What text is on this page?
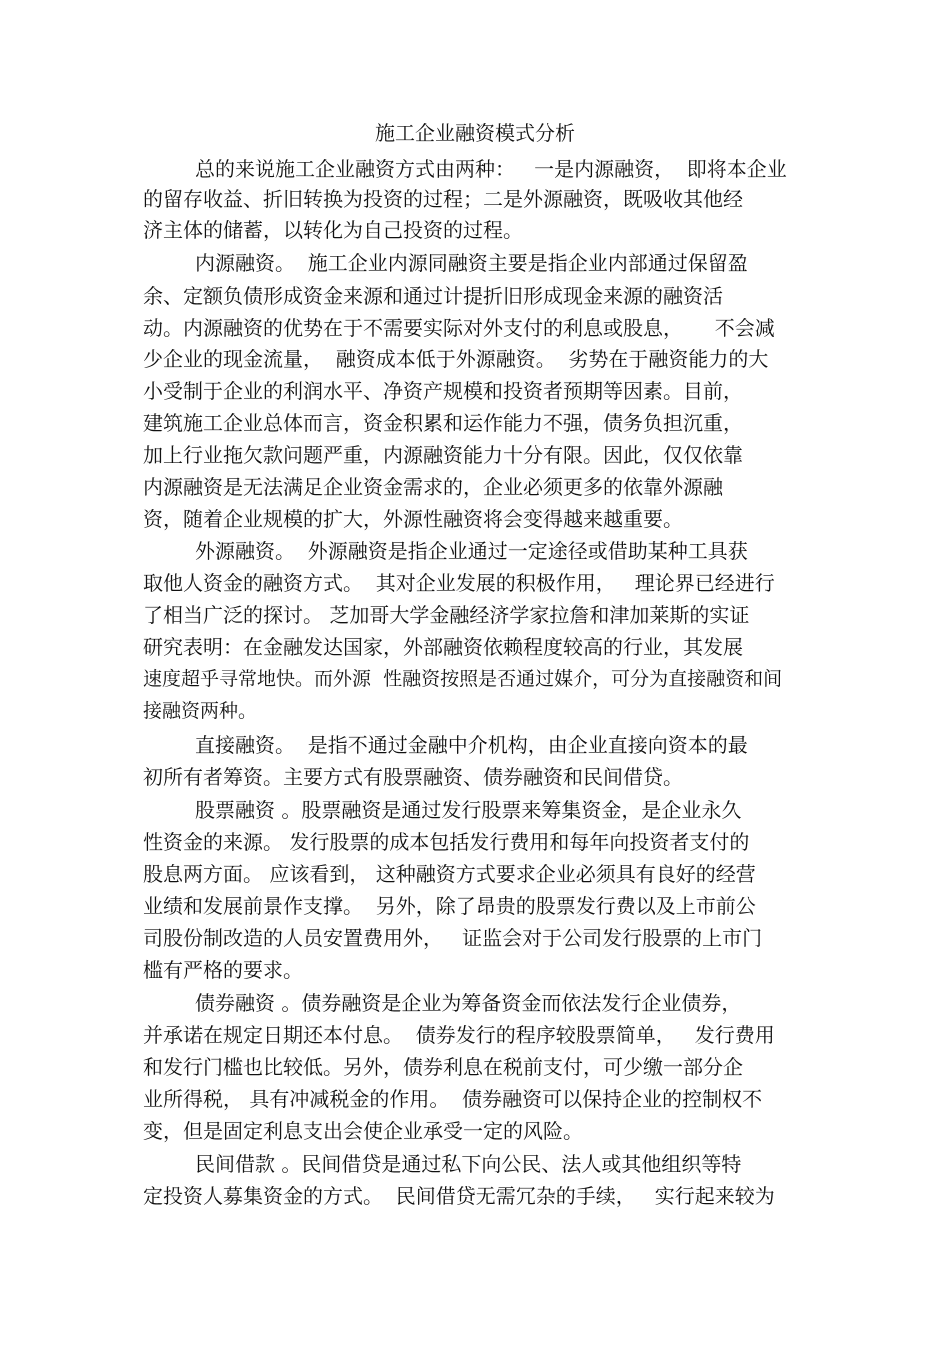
施工企业融资模式分析
总的来说施工企业融资方式由两种：   一是内源融资，  即将本企业
的留存收益、折旧转换为投资的过程；二是外源融资，既吸收其他经
济主体的储蓄，以转化为自己投资的过程。
内源融资。  施工企业内源同融资主要是指企业内部通过保留盈
余、定额负债形成资金来源和通过计提折旧形成现金来源的融资活
动。内源融资的优势在于不需要实际对外支付的利息或股息，     不会减
少企业的现金流量，  融资成本低于外源融资。  劣势在于融资能力的大
小受制于企业的利润水平、净资产规模和投资者预期等因素。目前，
建筑施工企业总体而言，资金积累和运作能力不强，债务负担沉重，
加上行业拖欠款问题严重，内源融资能力十分有限。因此，仅仅依靠
内源融资是无法满足企业资金需求的，企业必须更多的依靠外源融
资，随着企业规模的扩大，外源性融资将会变得越来越重要。
外源融资。  外源融资是指企业通过一定途径或借助某种工具获
取他人资金的融资方式。  其对企业发展的积极作用，   理论界已经进行
了相当广泛的探讨。 芝加哥大学金融经济学家拉詹和津加莱斯的实证
研究表明：在金融发达国家，外部融资依赖程度较高的行业，其发展
速度超乎寻常地快。而外源  性融资按照是否通过媒介，可分为直接融资和间
接融资两种。
直接融资。  是指不通过金融中介机构，由企业直接向资本的最
初所有者筹资。主要方式有股票融资、债券融资和民间借贷。
股票融资 。股票融资是通过发行股票来筹集资金，是企业永久
性资金的来源。 发行股票的成本包括发行费用和每年向投资者支付的
股息两方面。 应该看到， 这种融资方式要求企业必须具有良好的经营
业绩和发展前景作支撑。  另外，除了昂贵的股票发行费以及上市前公
司股份制改造的人员安置费用外，   证监会对于公司发行股票的上市门
槛有严格的要求。
债券融资 。债券融资是企业为筹备资金而依法发行企业债券，
并承诺在规定日期还本付息。  债券发行的程序较股票简单，   发行费用
和发行门槛也比较低。另外，债券利息在税前支付，可少缴一部分企
业所得税， 具有冲减税金的作用。  债券融资可以保持企业的控制权不
变，但是固定利息支出会使企业承受一定的风险。
民间借款 。民间借贷是通过私下向公民、法人或其他组织等特
定投资人募集资金的方式。  民间借贷无需冗杂的手续，   实行起来较为
